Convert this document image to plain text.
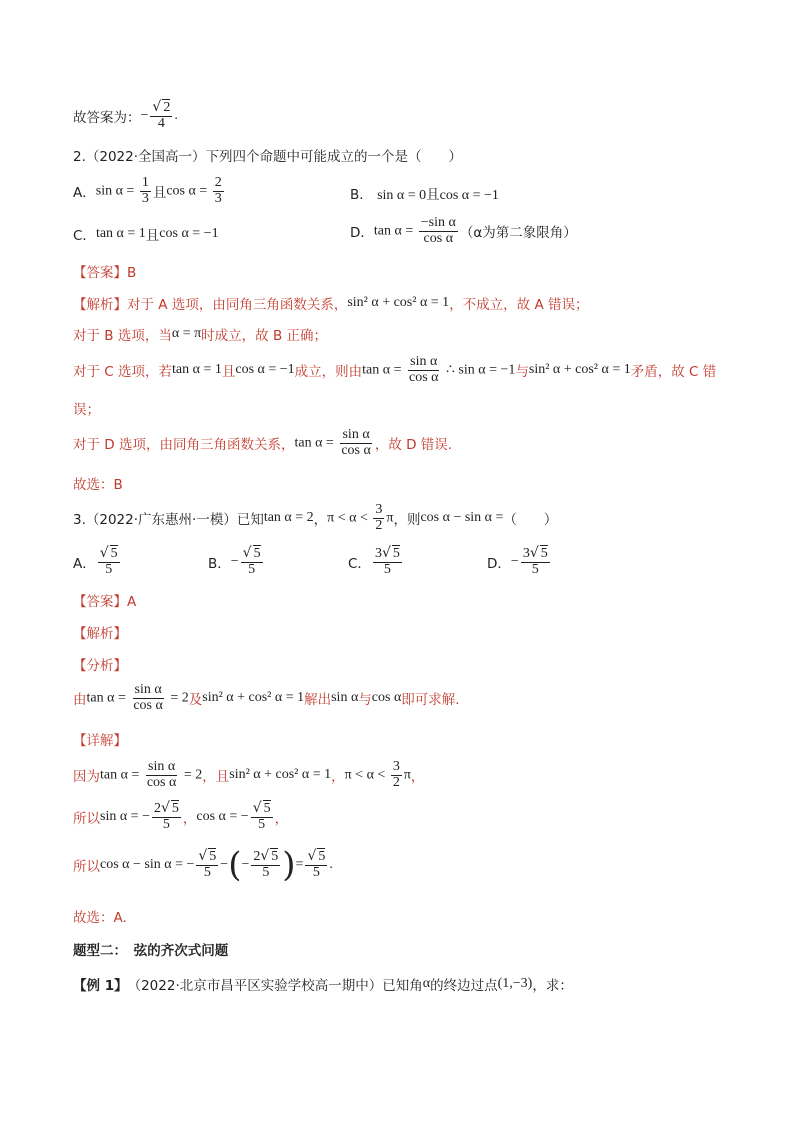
故答案为： − $\frac{√ 2}{4}$ .
2.（2022·全国高一）下列四个命题中可能成立的一个是（　　）
A． $\sin \alpha = \frac{1}{3}$ 且 $\cos \alpha = \frac{2}{3}$	B． sin α = 0且cos α = −1
C． tan α = 1 且 cos α = −1	D． $\tan \alpha = \frac{\text{−sin α}}{\text{cos α}} (\alpha$为第二象限角）
【答案】B
【解析】对于 A 选项，由同角三角函数关系， sin² α + cos² α = 1 ，不成立，故 A 错误；
对于 B 选项，当 α = π 时成立，故 B 正确；
对于 C 选项，若 tan α = 1 且 cos α = −1 成立，则由 $\tan \alpha = \frac{\text{sin α}}{\text{cos α}}$ ∴ sin α = −1 与 sin² α + cos² α = 1 矛盾，故 C 错
误；
对于 D 选项，由同角三角函数关系， $\tan \alpha = \frac{\text{sin α}}{\text{cos α}}$ ，故 D 错误.
故选：B
3.（2022·广东惠州·一模）已知 tan α = 2 ， $\pi < \alpha < \frac{3}{2}$ π ，则 cos α − sin α = （　　）
A． $\frac{√ 5}{5}$	B． − $\frac{√ 5}{5}$	C． $\frac{3√ 5}{5}$	D． − $\frac{3√ 5}{5}$
【答案】A
【解析】
【分析】
由 $\tan \alpha = \frac{\text{sin α}}{\text{cos α}} = 2$ 及 sin² α + cos² α = 1 解出 sin α 与 cos α 即可求解.
【详解】
因为 $\tan \alpha = \frac{\text{sin α}}{\text{cos α}} = 2$ ，且 sin² α + cos² α = 1 ， $\pi < \alpha < \frac{3}{2}$ π ，
所以 sin α = − $\frac{2√ 5}{5}$ ， cos α = − $\frac{√ 5}{5}$ ，
所以 cos α − sin α = − $\frac{√ 5}{5}$ − ( − $\frac{2√ 5}{5}$ ) = $\frac{√ 5}{5}$ .
故选：A.
题型二：　弦的齐次式问题
【例 1】 （2022·北京市昌平区实验学校高一期中）已知角 α 的终边过点 (1,−3) ，求：
